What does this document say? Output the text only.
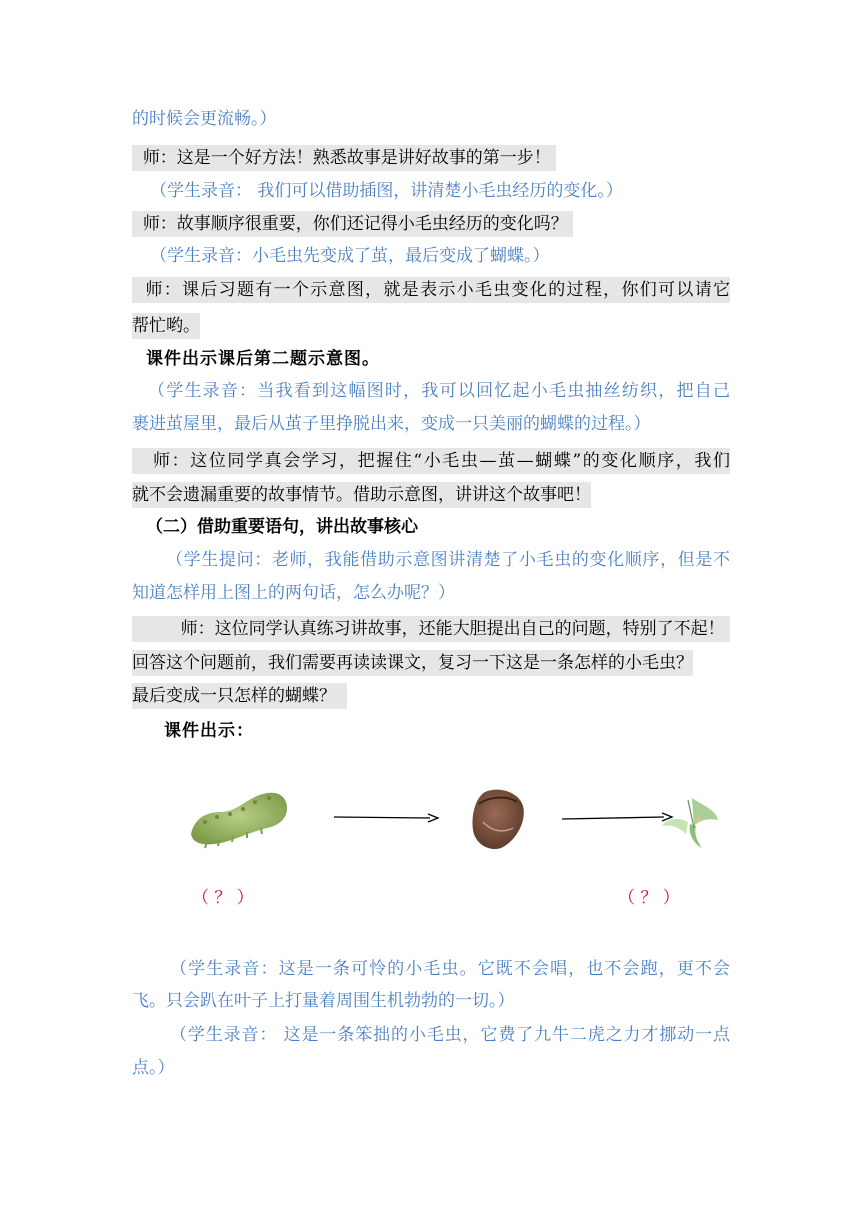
的时候会更流畅。）
师：这是一个好方法！熟悉故事是讲好故事的第一步！
（学生录音： 我们可以借助插图，讲清楚小毛虫经历的变化。）
师：故事顺序很重要，你们还记得小毛虫经历的变化吗？
（学生录音：小毛虫先变成了茧，最后变成了蝴蝶。）
师：课后习题有一个示意图，就是表示小毛虫变化的过程，你们可以请它
帮忙哟。
课件出示课后第二题示意图。
（学生录音：当我看到这幅图时，我可以回忆起小毛虫抽丝纺织，把自己
裹进茧屋里，最后从茧子里挣脱出来，变成一只美丽的蝴蝶的过程。）
师：这位同学真会学习，把握住“小毛虫—茧—蝴蝶”的变化顺序，我们
就不会遗漏重要的故事情节。借助示意图，讲讲这个故事吧！
（二）借助重要语句，讲出故事核心
（学生提问：老师，我能借助示意图讲清楚了小毛虫的变化顺序，但是不
知道怎样用上图上的两句话，怎么办呢？）
师：这位同学认真练习讲故事，还能大胆提出自己的问题，特别了不起！
回答这个问题前，我们需要再读读课文，复习一下这是一条怎样的小毛虫？
最后变成一只怎样的蝴蝶？
课件出示：
（ ？ ）	（ ？ ）
（学生录音：这是一条可怜的小毛虫。它既不会唱，也不会跑，更不会
飞。只会趴在叶子上打量着周围生机勃勃的一切。）
（学生录音： 这是一条笨拙的小毛虫，它费了九牛二虎之力才挪动一点
点。）
